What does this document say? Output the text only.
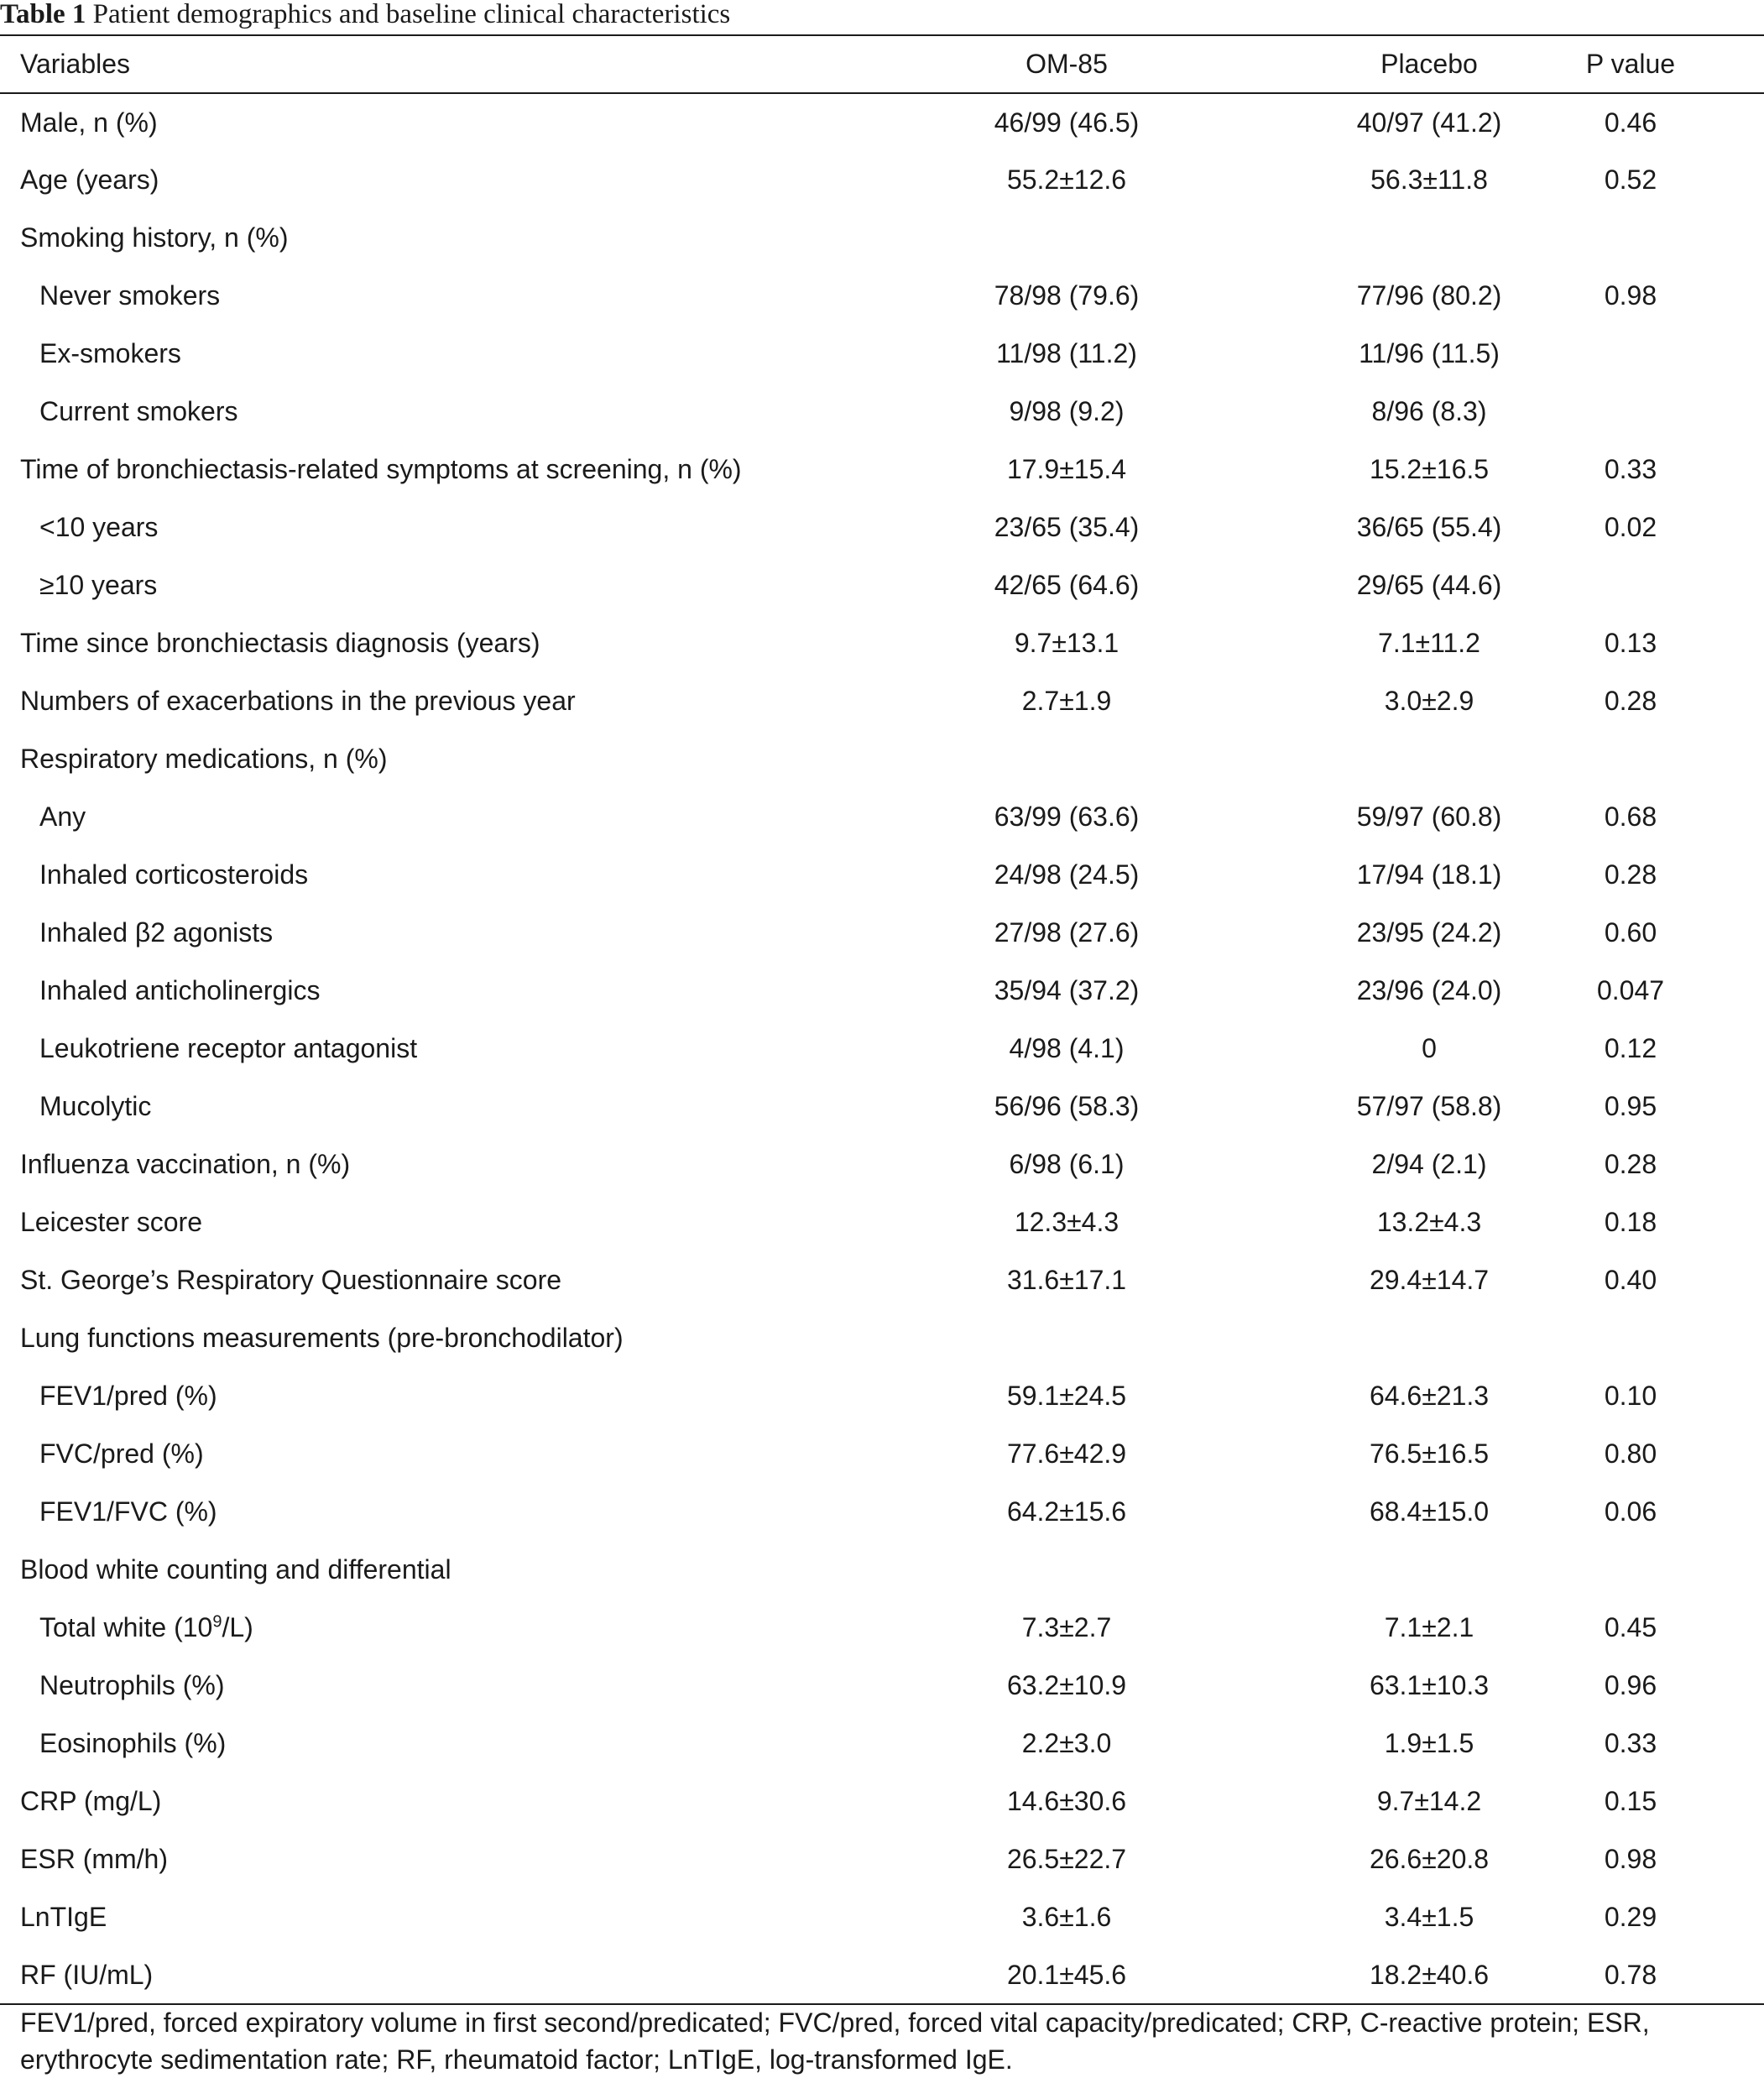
Table 1 Patient demographics and baseline clinical characteristics
Variables	OM-85	Placebo	P value
Male, n (%)	46/99 (46.5)	40/97 (41.2)	0.46
Age (years)	55.2±12.6	56.3±11.8	0.52
Smoking history, n (%)			
Never smokers	78/98 (79.6)	77/96 (80.2)	0.98
Ex-smokers	11/98 (11.2)	11/96 (11.5)	
Current smokers	9/98 (9.2)	8/96 (8.3)	
Time of bronchiectasis-related symptoms at screening, n (%)	17.9±15.4	15.2±16.5	0.33
<10 years	23/65 (35.4)	36/65 (55.4)	0.02
≥10 years	42/65 (64.6)	29/65 (44.6)	
Time since bronchiectasis diagnosis (years)	9.7±13.1	7.1±11.2	0.13
Numbers of exacerbations in the previous year	2.7±1.9	3.0±2.9	0.28
Respiratory medications, n (%)			
Any	63/99 (63.6)	59/97 (60.8)	0.68
Inhaled corticosteroids	24/98 (24.5)	17/94 (18.1)	0.28
Inhaled β2 agonists	27/98 (27.6)	23/95 (24.2)	0.60
Inhaled anticholinergics	35/94 (37.2)	23/96 (24.0)	0.047
Leukotriene receptor antagonist	4/98 (4.1)	0	0.12
Mucolytic	56/96 (58.3)	57/97 (58.8)	0.95
Influenza vaccination, n (%)	6/98 (6.1)	2/94 (2.1)	0.28
Leicester score	12.3±4.3	13.2±4.3	0.18
St. George’s Respiratory Questionnaire score	31.6±17.1	29.4±14.7	0.40
Lung functions measurements (pre-bronchodilator)			
FEV1/pred (%)	59.1±24.5	64.6±21.3	0.10
FVC/pred (%)	77.6±42.9	76.5±16.5	0.80
FEV1/FVC (%)	64.2±15.6	68.4±15.0	0.06
Blood white counting and differential			
Total white $(10^9/L)$	7.3±2.7	7.1±2.1	0.45
Neutrophils (%)	63.2±10.9	63.1±10.3	0.96
Eosinophils (%)	2.2±3.0	1.9±1.5	0.33
CRP (mg/L)	14.6±30.6	9.7±14.2	0.15
ESR (mm/h)	26.5±22.7	26.6±20.8	0.98
LnTIgE	3.6±1.6	3.4±1.5	0.29
RF (IU/mL)	20.1±45.6	18.2±40.6	0.78
FEV1/pred, forced expiratory volume in first second/predicated; FVC/pred, forced vital capacity/predicated; CRP, C-reactive protein; ESR, erythrocyte sedimentation rate; RF, rheumatoid factor; LnTIgE, log-transformed IgE.
